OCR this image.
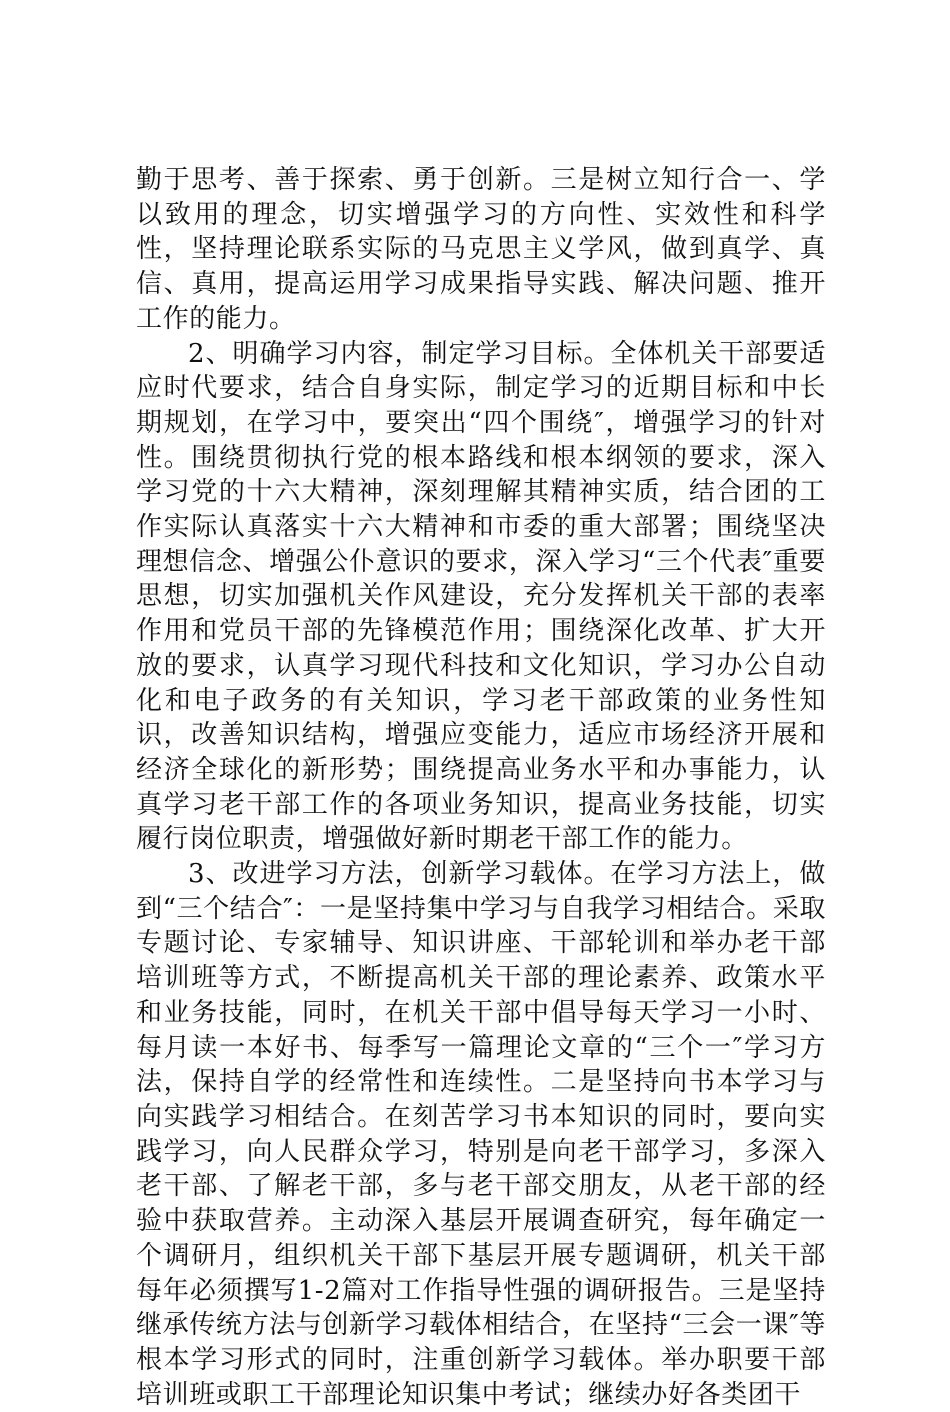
勤于思考、善于探索、勇于创新。三是树立知行合一、学以致用的理念，切实增强学习的方向性、实效性和科学性，坚持理论联系实际的马克思主义学风，做到真学、真信、真用，提高运用学习成果指导实践、解决问题、推开工作的能力。

2、明确学习内容，制定学习目标。全体机关干部要适应时代要求，结合自身实际，制定学习的近期目标和中长期规划，在学习中，要突出“四个围绕″，增强学习的针对性。围绕贯彻执行党的根本路线和根本纲领的要求，深入学习党的十六大精神，深刻理解其精神实质，结合团的工作实际认真落实十六大精神和市委的重大部署；围绕坚决理想信念、增强公仆意识的要求，深入学习“三个代表″重要思想，切实加强机关作风建设，充分发挥机关干部的表率作用和党员干部的先锋模范作用；围绕深化改革、扩大开放的要求，认真学习现代科技和文化知识，学习办公自动化和电子政务的有关知识，学习老干部政策的业务性知识，改善知识结构，增强应变能力，适应市场经济开展和经济全球化的新形势；围绕提高业务水平和办事能力，认真学习老干部工作的各项业务知识，提高业务技能，切实履行岗位职责，增强做好新时期老干部工作的能力。

3、改进学习方法，创新学习载体。在学习方法上，做到“三个结合″：一是坚持集中学习与自我学习相结合。采取专题讨论、专家辅导、知识讲座、干部轮训和举办老干部培训班等方式，不断提高机关干部的理论素养、政策水平和业务技能，同时，在机关干部中倡导每天学习一小时、每月读一本好书、每季写一篇理论文章的“三个一″学习方法，保持自学的经常性和连续性。二是坚持向书本学习与向实践学习相结合。在刻苦学习书本知识的同时，要向实践学习，向人民群众学习，特别是向老干部学习，多深入老干部、了解老干部，多与老干部交朋友，从老干部的经验中获取营养。主动深入基层开展调查研究，每年确定一个调研月，组织机关干部下基层开展专题调研，机关干部每年必须撰写1-2篇对工作指导性强的调研报告。三是坚持继承传统方法与创新学习载体相结合，在坚持“三会一课″等根本学习形式的同时，注重创新学习载体。举办职要干部培训班或职工干部理论知识集中考试；继续办好各类团干
